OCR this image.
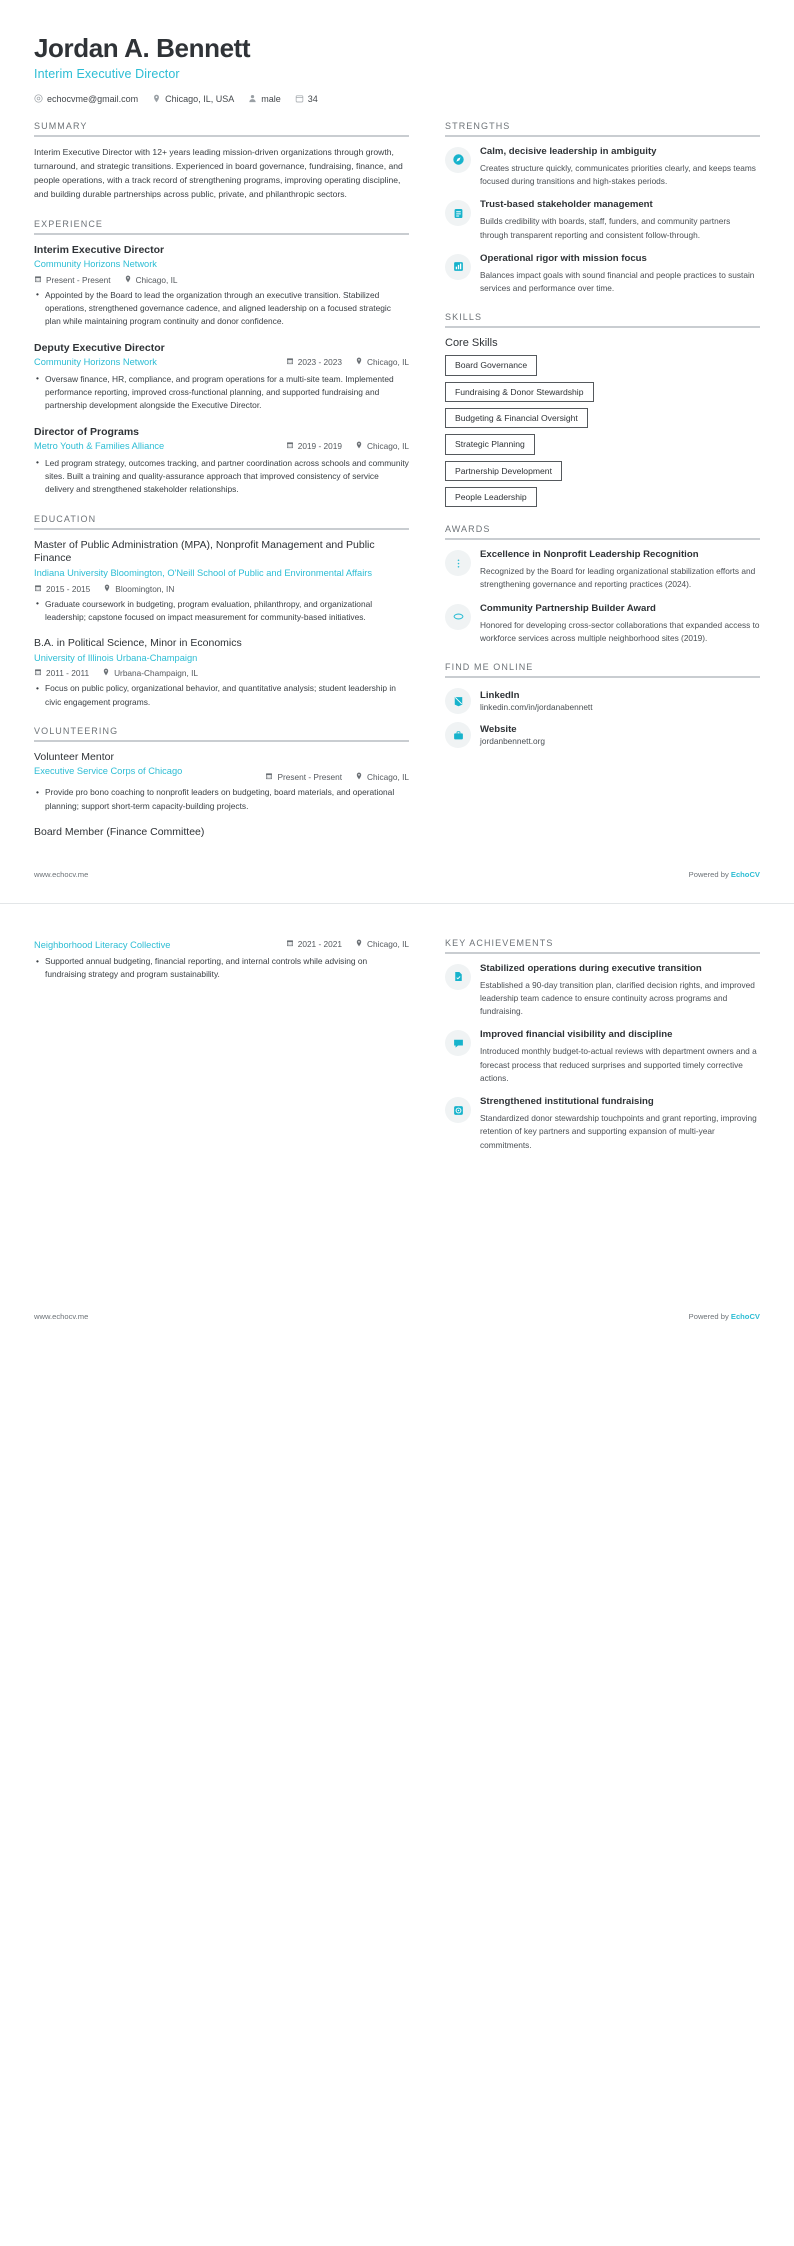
Jordan A. Bennett
Interim Executive Director
echocvme@gmail.com	Chicago, IL, USA	male	34
SUMMARY
Interim Executive Director with 12+ years leading mission-driven organizations through growth, turnaround, and strategic transitions. Experienced in board governance, fundraising, finance, and people operations, with a track record of strengthening programs, improving operating discipline, and building durable partnerships across public, private, and philanthropic sectors.
EXPERIENCE
Interim Executive Director
Community Horizons Network
Present - Present	Chicago, IL
• Appointed by the Board to lead the organization through an executive transition. Stabilized operations, strengthened governance cadence, and aligned leadership on a focused strategic plan while maintaining program continuity and donor confidence.
Deputy Executive Director
Community Horizons Network	2023 - 2023	Chicago, IL
• Oversaw finance, HR, compliance, and program operations for a multi-site team. Implemented performance reporting, improved cross-functional planning, and supported fundraising and partnership development alongside the Executive Director.
Director of Programs
Metro Youth & Families Alliance	2019 - 2019	Chicago, IL
• Led program strategy, outcomes tracking, and partner coordination across schools and community sites. Built a training and quality-assurance approach that improved consistency of service delivery and strengthened stakeholder relationships.
EDUCATION
Master of Public Administration (MPA), Nonprofit Management and Public Finance
Indiana University Bloomington, O'Neill School of Public and Environmental Affairs
2015 - 2015	Bloomington, IN
• Graduate coursework in budgeting, program evaluation, philanthropy, and organizational leadership; capstone focused on impact measurement for community-based initiatives.
B.A. in Political Science, Minor in Economics
University of Illinois Urbana-Champaign
2011 - 2011	Urbana-Champaign, IL
• Focus on public policy, organizational behavior, and quantitative analysis; student leadership in civic engagement programs.
VOLUNTEERING
Volunteer Mentor
Executive Service Corps of Chicago
Present - Present	Chicago, IL
• Provide pro bono coaching to nonprofit leaders on budgeting, board materials, and operational planning; support short-term capacity-building projects.
Board Member (Finance Committee)
STRENGTHS
Calm, decisive leadership in ambiguity
Creates structure quickly, communicates priorities clearly, and keeps teams focused during transitions and high-stakes periods.
Trust-based stakeholder management
Builds credibility with boards, staff, funders, and community partners through transparent reporting and consistent follow-through.
Operational rigor with mission focus
Balances impact goals with sound financial and people practices to sustain services and performance over time.
SKILLS
Core Skills
Board Governance
Fundraising & Donor Stewardship
Budgeting & Financial Oversight
Strategic Planning
Partnership Development
People Leadership
AWARDS
Excellence in Nonprofit Leadership Recognition
Recognized by the Board for leading organizational stabilization efforts and strengthening governance and reporting practices (2024).
Community Partnership Builder Award
Honored for developing cross-sector collaborations that expanded access to workforce services across multiple neighborhood sites (2019).
FIND ME ONLINE
LinkedIn
linkedin.com/in/jordanabennett
Website
jordanbennett.org
www.echocv.me	Powered by EchoCV
Neighborhood Literacy Collective	2021 - 2021	Chicago, IL
• Supported annual budgeting, financial reporting, and internal controls while advising on fundraising strategy and program sustainability.
KEY ACHIEVEMENTS
Stabilized operations during executive transition
Established a 90-day transition plan, clarified decision rights, and improved leadership team cadence to ensure continuity across programs and fundraising.
Improved financial visibility and discipline
Introduced monthly budget-to-actual reviews with department owners and a forecast process that reduced surprises and supported timely corrective actions.
Strengthened institutional fundraising
Standardized donor stewardship touchpoints and grant reporting, improving retention of key partners and supporting expansion of multi-year commitments.
www.echocv.me	Powered by EchoCV
